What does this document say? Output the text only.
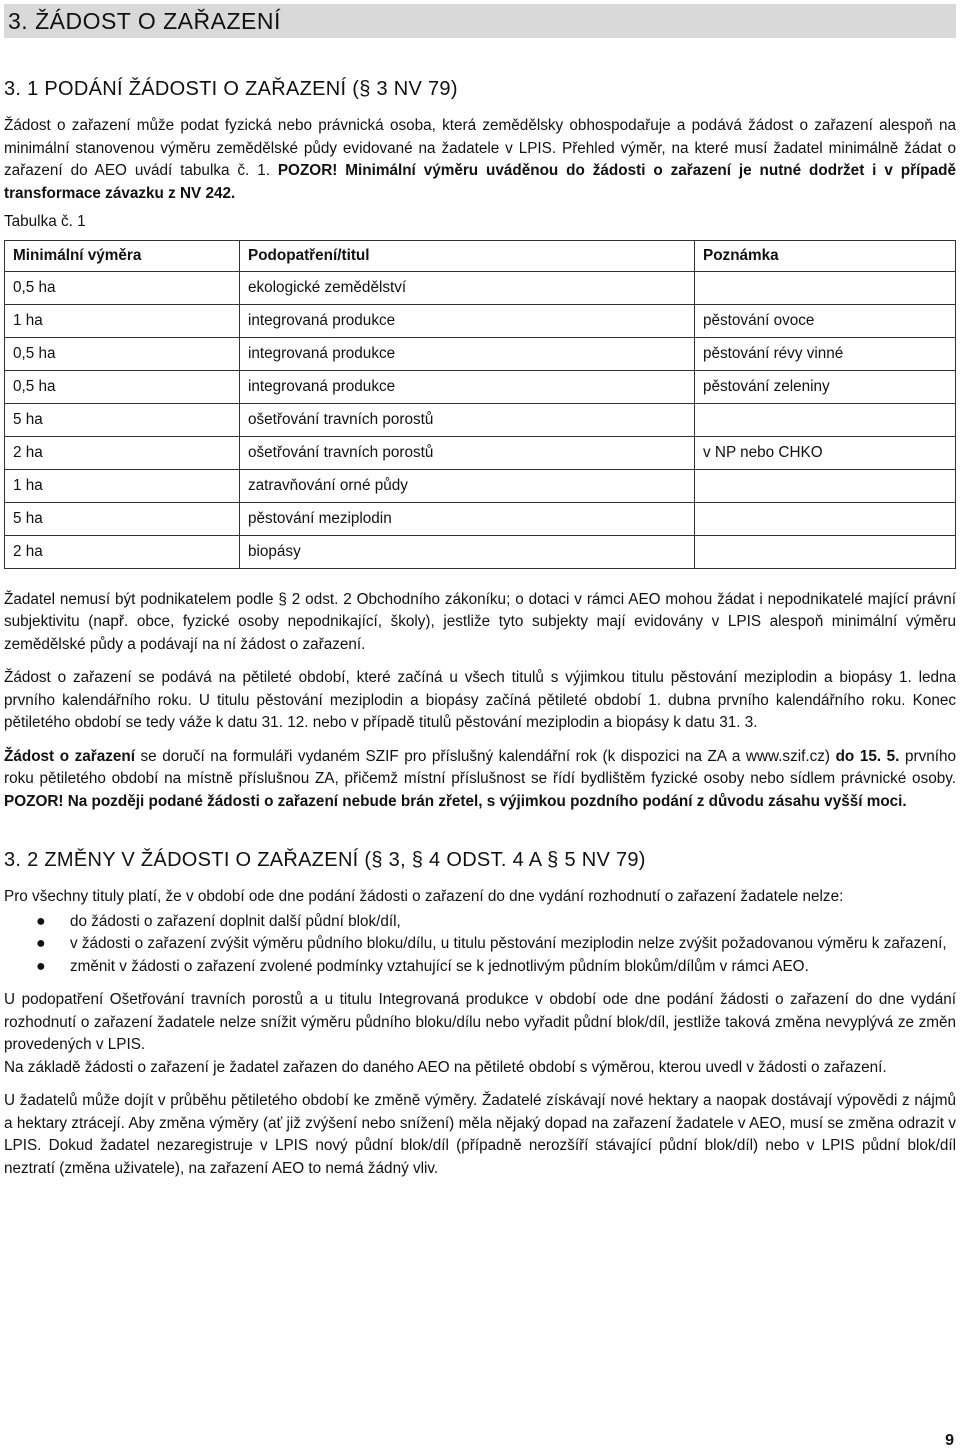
3. ŽÁDOST O ZAŘAZENÍ
3. 1 PODÁNÍ ŽÁDOSTI O ZAŘAZENÍ (§ 3 NV 79)

Žádost o zařazení může podat fyzická nebo právnická osoba, která zemědělsky obhospodařuje a podává žádost o zařazení alespoň na minimální stanovenou výměru zemědělské půdy evidované na žadatele v LPIS. Přehled výměr, na které musí žadatel minimálně žádat o zařazení do AEO uvádí tabulka č. 1. POZOR! Minimální výměru uváděnou do žádosti o zařazení je nutné dodržet i v případě transformace závazku z NV 242.

Tabulka č. 1

Minimální výměra	Podopatření/titul	Poznámka
0,5 ha	ekologické zemědělství	
1 ha	integrovaná produkce	pěstování ovoce
0,5 ha	integrovaná produkce	pěstování révy vinné
0,5 ha	integrovaná produkce	pěstování zeleniny
5 ha	ošetřování travních porostů	
2 ha	ošetřování travních porostů	v NP nebo CHKO
1 ha	zatravňování orné půdy	
5 ha	pěstování meziplodin	
2 ha	biopásy	

Žadatel nemusí být podnikatelem podle § 2 odst. 2 Obchodního zákoníku; o dotaci v rámci AEO mohou žádat i nepodnikatelé mající právní subjektivitu (např. obce, fyzické osoby nepodnikající, školy), jestliže tyto subjekty mají evidovány v LPIS alespoň minimální výměru zemědělské půdy a podávají na ní žádost o zařazení.

Žádost o zařazení se podává na pětileté období, které začíná u všech titulů s výjimkou titulu pěstování meziplodin a biopásy 1. ledna prvního kalendářního roku. U titulu pěstování meziplodin a biopásy začíná pětileté období 1. dubna prvního kalendářního roku. Konec pětiletého období se tedy váže k datu 31. 12. nebo v případě titulů pěstování meziplodin a biopásy k datu 31. 3.

Žádost o zařazení se doručí na formuláři vydaném SZIF pro příslušný kalendářní rok (k dispozici na ZA a www.szif.cz) do 15. 5. prvního roku pětiletého období na místně příslušnou ZA, přičemž místní příslušnost se řídí bydlištěm fyzické osoby nebo sídlem právnické osoby. POZOR! Na později podané žádosti o zařazení nebude brán zřetel, s výjimkou pozdního podání z důvodu zásahu vyšší moci.

3. 2 ZMĚNY V ŽÁDOSTI O ZAŘAZENÍ (§ 3, § 4 ODST. 4 A § 5 NV 79)

Pro všechny tituly platí, že v období ode dne podání žádosti o zařazení do dne vydání rozhodnutí o zařazení žadatele nelze:

● do žádosti o zařazení doplnit další půdní blok/díl,
● v žádosti o zařazení zvýšit výměru půdního bloku/dílu, u titulu pěstování meziplodin nelze zvýšit požadovanou výměru k zařazení,
● změnit v žádosti o zařazení zvolené podmínky vztahující se k jednotlivým půdním blokům/dílům v rámci AEO.

U podopatření Ošetřování travních porostů a u titulu Integrovaná produkce v období ode dne podání žádosti o zařazení do dne vydání rozhodnutí o zařazení žadatele nelze snížit výměru půdního bloku/dílu nebo vyřadit půdní blok/díl, jestliže taková změna nevyplývá ze změn provedených v LPIS.

Na základě žádosti o zařazení je žadatel zařazen do daného AEO na pětileté období s výměrou, kterou uvedl v žádosti o zařazení.

U žadatelů může dojít v průběhu pětiletého období ke změně výměry. Žadatelé získávají nové hektary a naopak dostávají výpovědi z nájmů a hektary ztrácejí. Aby změna výměry (ať již zvýšení nebo snížení) měla nějaký dopad na zařazení žadatele v AEO, musí se změna odrazit v LPIS. Dokud žadatel nezaregistruje v LPIS nový půdní blok/díl (případně nerozšíří stávající půdní blok/díl) nebo v LPIS půdní blok/díl neztratí (změna uživatele), na zařazení AEO to nemá žádný vliv.

9
